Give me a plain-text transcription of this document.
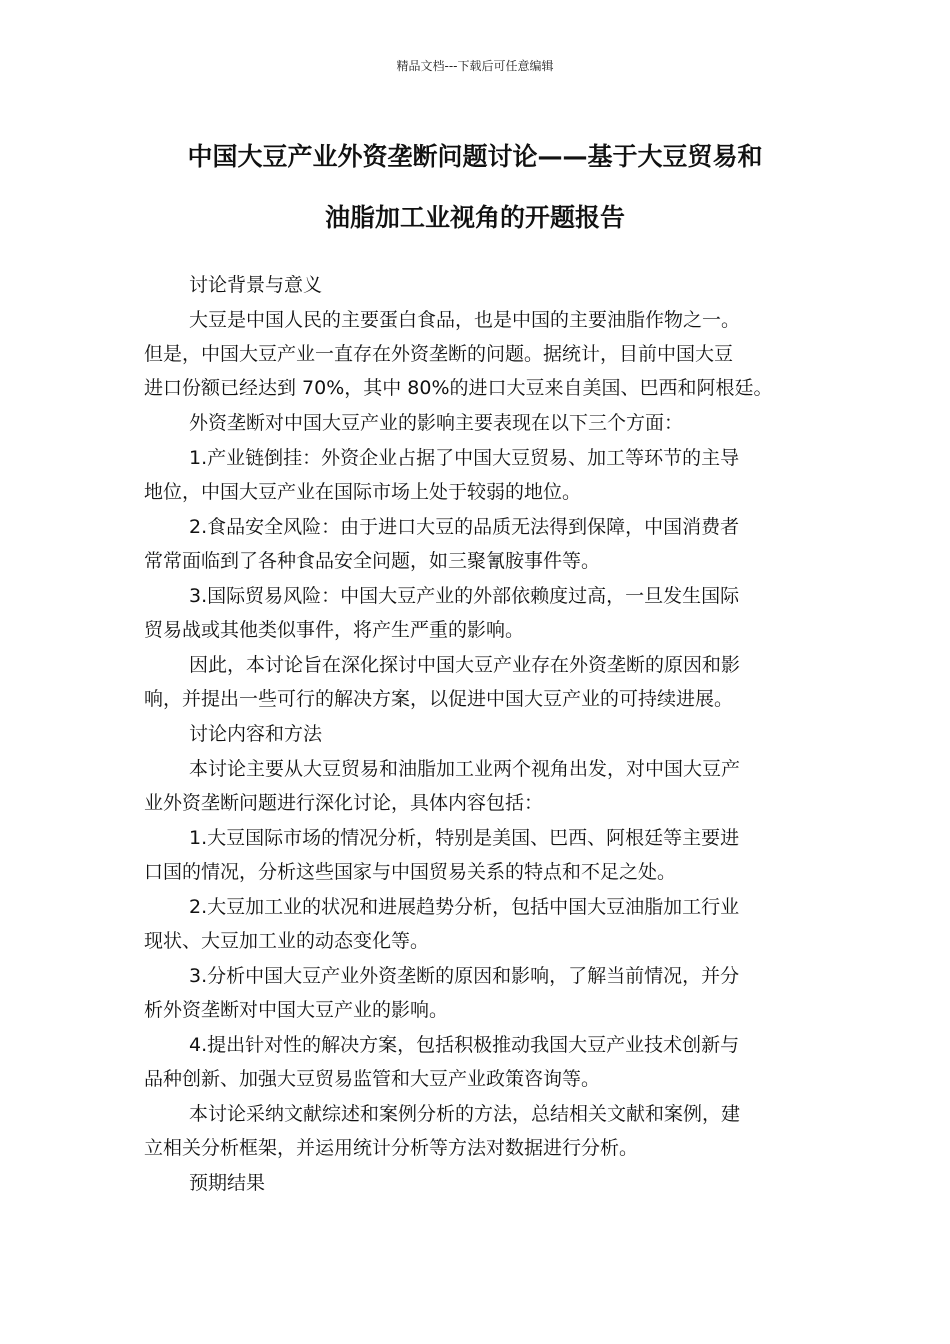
精品文档---下载后可任意编辑
中国大豆产业外资垄断问题讨论——基于大豆贸易和
油脂加工业视角的开题报告
讨论背景与意义
大豆是中国人民的主要蛋白食品，也是中国的主要油脂作物之一。
但是，中国大豆产业一直存在外资垄断的问题。据统计，目前中国大豆
进口份额已经达到 70%，其中 80%的进口大豆来自美国、巴西和阿根廷。
外资垄断对中国大豆产业的影响主要表现在以下三个方面：
1.产业链倒挂：外资企业占据了中国大豆贸易、加工等环节的主导
地位，中国大豆产业在国际市场上处于较弱的地位。
2.食品安全风险：由于进口大豆的品质无法得到保障，中国消费者
常常面临到了各种食品安全问题，如三聚氰胺事件等。
3.国际贸易风险：中国大豆产业的外部依赖度过高，一旦发生国际
贸易战或其他类似事件，将产生严重的影响。
因此，本讨论旨在深化探讨中国大豆产业存在外资垄断的原因和影
响，并提出一些可行的解决方案，以促进中国大豆产业的可持续进展。
讨论内容和方法
本讨论主要从大豆贸易和油脂加工业两个视角出发，对中国大豆产
业外资垄断问题进行深化讨论，具体内容包括：
1.大豆国际市场的情况分析，特别是美国、巴西、阿根廷等主要进
口国的情况，分析这些国家与中国贸易关系的特点和不足之处。
2.大豆加工业的状况和进展趋势分析，包括中国大豆油脂加工行业
现状、大豆加工业的动态变化等。
3.分析中国大豆产业外资垄断的原因和影响，了解当前情况，并分
析外资垄断对中国大豆产业的影响。
4.提出针对性的解决方案，包括积极推动我国大豆产业技术创新与
品种创新、加强大豆贸易监管和大豆产业政策咨询等。
本讨论采纳文献综述和案例分析的方法，总结相关文献和案例，建
立相关分析框架，并运用统计分析等方法对数据进行分析。
预期结果
